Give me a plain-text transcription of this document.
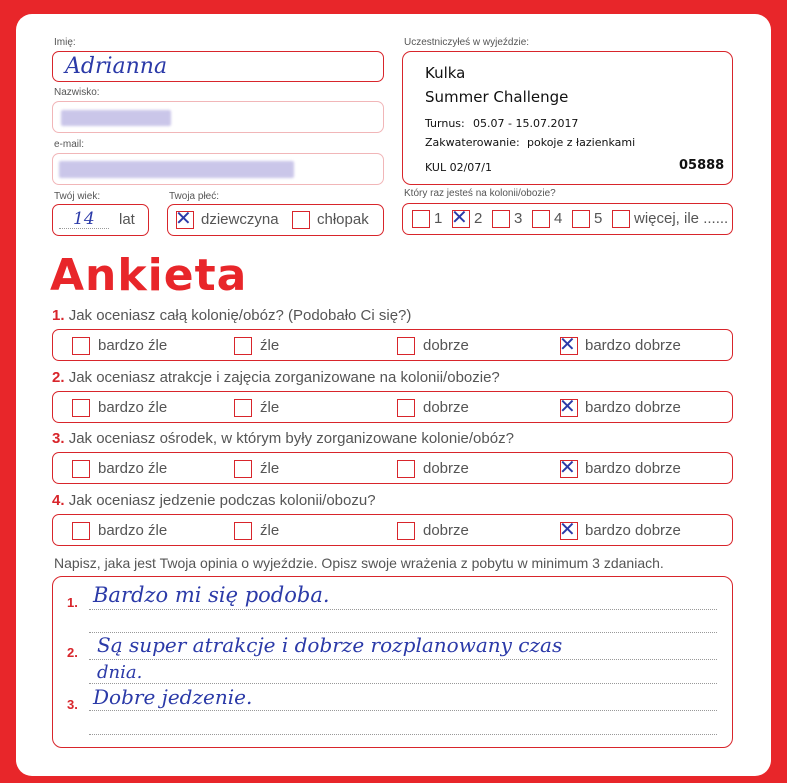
Imię:
Adrianna
Nazwisko:
e-mail:
Twój wiek:
14 lat
Twoja płeć:
✕ dziewczyna	chłopak
Uczestniczyłeś w wyjeździe:
Kulka
Summer Challenge
Turnus: 05.07 - 15.07.2017
Zakwaterowanie: pokoje z łazienkami
KUL 02/07/1	05888
Który raz jesteś na kolonii/obozie?
1 ✕ 2 3 4 5 więcej, ile ......
Ankieta
1. Jak oceniasz całą kolonię/obóz? (Podobało Ci się?)
bardzo źle	źle	dobrze	✕ bardzo dobrze
2. Jak oceniasz atrakcje i zajęcia zorganizowane na kolonii/obozie?
bardzo źle	źle	dobrze	✕ bardzo dobrze
3. Jak oceniasz ośrodek, w którym były zorganizowane kolonie/obóz?
bardzo źle	źle	dobrze	✕ bardzo dobrze
4. Jak oceniasz jedzenie podczas kolonii/obozu?
bardzo źle	źle	dobrze	✕ bardzo dobrze
Napisz, jaka jest Twoja opinia o wyjeździe. Opisz swoje wrażenia z pobytu w minimum 3 zdaniach.
1. Bardzo mi się podoba.
2. Są super atrakcje i dobrze rozplanowany czas
dnia.
3. Dobre jedzenie.
